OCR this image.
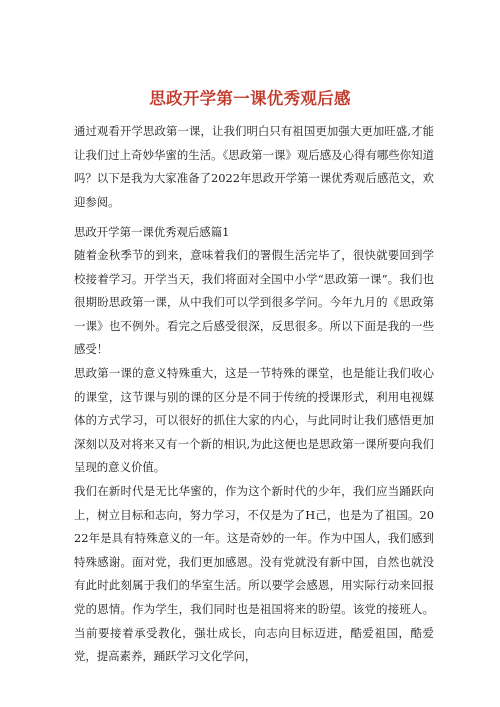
思政开学第一课优秀观后感

通过观看开学思政第一课，让我们明白只有祖国更加强大更加旺盛,才能让我们过上奇妙华蜜的生活。《思政第一课》观后感及心得有哪些你知道吗？以下是我为大家准备了2022年思政开学第一课优秀观后感范文，欢迎参阅。

思政开学第一课优秀观后感篇1

随着金秋季节的到来，意味着我们的署假生活完毕了，很快就要回到学校接着学习。开学当天，我们将面对全国中小学“思政第一课”。我们也很期盼思政第一课，从中我们可以学到很多学问。今年九月的《思政第一课》也不例外。看完之后感受很深，反思很多。所以下面是我的一些感受！

思政第一课的意义特殊重大，这是一节特殊的课堂，也是能让我们收心的课堂，这节课与别的课的区分是不同于传统的授课形式，利用电视媒体的方式学习，可以很好的抓住大家的内心，与此同时让我们感悟更加深刻以及对将来又有一个新的相识,为此这便也是思政第一课所要向我们呈现的意义价值。

我们在新时代是无比华蜜的，作为这个新时代的少年，我们应当踊跃向上，树立目标和志向，努力学习，不仅是为了H己，也是为了祖国。2022年是具有特殊意义的一年。这是奇妙的一年。作为中国人，我们感到特殊感谢。面对党，我们更加感恩。没有党就没有新中国，自然也就没有此时此刻属于我们的华室生活。所以要学会感恩，用实际行动来回报党的恩情。作为学生，我们同时也是祖国将来的盼望。该党的接班人。当前要接着承受教化，强壮成长，向志向目标迈进，酷爱祖国，酷爱党，提高素养，踊跃学习文化学问，
